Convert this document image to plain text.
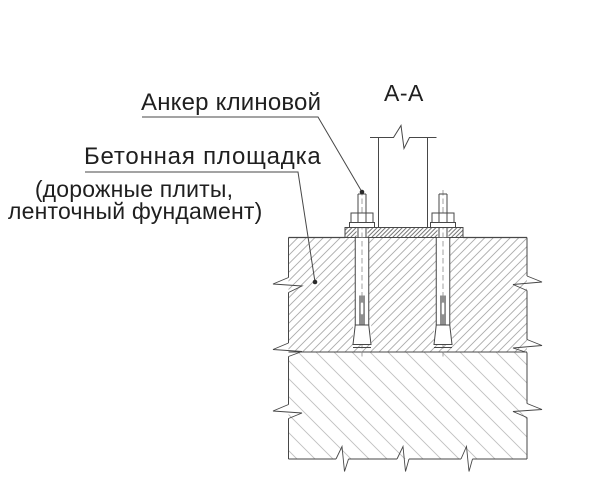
Анкер клиновой	А-А
Бетонная площадка
(дорожные плиты,
ленточный фундамент)
